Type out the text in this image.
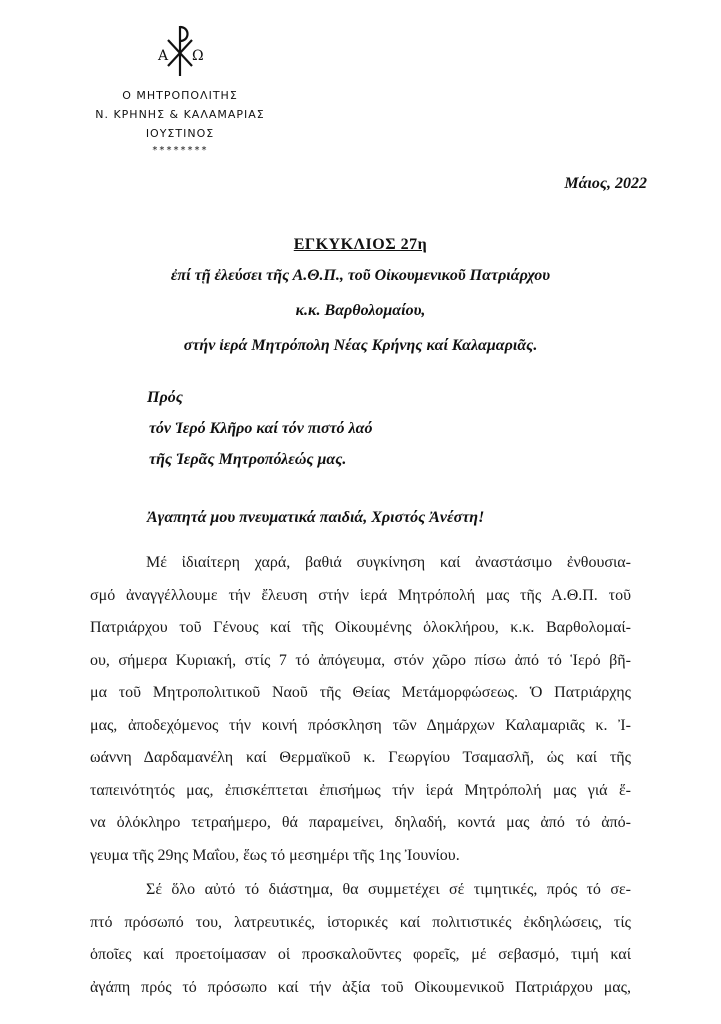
Α Ω
Ο ΜΗΤΡΟΠΟΛΙΤΗΣ
Ν. ΚΡΗΝΗΣ & ΚΑΛΑΜΑΡΙΑΣ
ΙΟΥΣΤΙΝΟΣ
********
Μάιος, 2022
ΕΓΚΥΚΛΙΟΣ 27η
ἐπί τῇ ἐλεύσει τῆς Α.Θ.Π., τοῦ Οἰκουμενικοῦ Πατριάρχου
κ.κ. Βαρθολομαίου,
στήν ἱερά Μητρόπολη Νέας Κρήνης καί Καλαμαριᾶς.
Πρός
τόν Ἱερό Κλῆρο καί τόν πιστό λαό
τῆς Ἱερᾶς Μητροπόλεώς μας.
Ἀγαπητά μου πνευματικά παιδιά, Χριστός Ἀνέστη!
Μέ ἰδιαίτερη χαρά, βαθιά συγκίνηση καί ἀναστάσιμο ἐνθουσια-
σμό ἀναγγέλλουμε τήν ἔλευση στήν ἱερά Μητρόπολή μας τῆς Α.Θ.Π. τοῦ
Πατριάρχου τοῦ Γένους καί τῆς Οἰκουμένης ὁλοκλήρου, κ.κ. Βαρθολομαί-
ου, σήμερα Κυριακή, στίς 7 τό ἀπόγευμα, στόν χῶρο πίσω ἀπό τό Ἱερό βῆ-
μα τοῦ Μητροπολιτικοῦ Ναοῦ τῆς Θείας Μετάμορφώσεως. Ὁ Πατριάρχης
μας, ἀποδεχόμενος τήν κοινή πρόσκληση τῶν Δημάρχων Καλαμαριᾶς κ. Ἰ-
ωάννη Δαρδαμανέλη καί Θερμαϊκοῦ κ. Γεωργίου Τσαμασλῆ, ὡς καί τῆς
ταπεινότητός μας, ἐπισκέπτεται ἐπισήμως τήν ἱερά Μητρόπολή μας γιά ἕ-
να ὁλόκληρο τετραήμερο, θά παραμείνει, δηλαδή, κοντά μας ἀπό τό ἀπό-
γευμα τῆς 29ης Μαΐου, ἕως τό μεσημέρι τῆς 1ης Ἰουνίου.
Σέ ὅλο αὐτό τό διάστημα, θα συμμετέχει σέ τιμητικές, πρός τό σε-
πτό πρόσωπό του, λατρευτικές, ἱστορικές καί πολιτιστικές ἐκδηλώσεις, τίς
ὁποῖες καί προετοίμασαν οἱ προσκαλοῦντες φορεῖς, μέ σεβασμό, τιμή καί
ἀγάπη πρός τό πρόσωπο καί τήν ἀξία τοῦ Οἰκουμενικοῦ Πατριάρχου μας,
